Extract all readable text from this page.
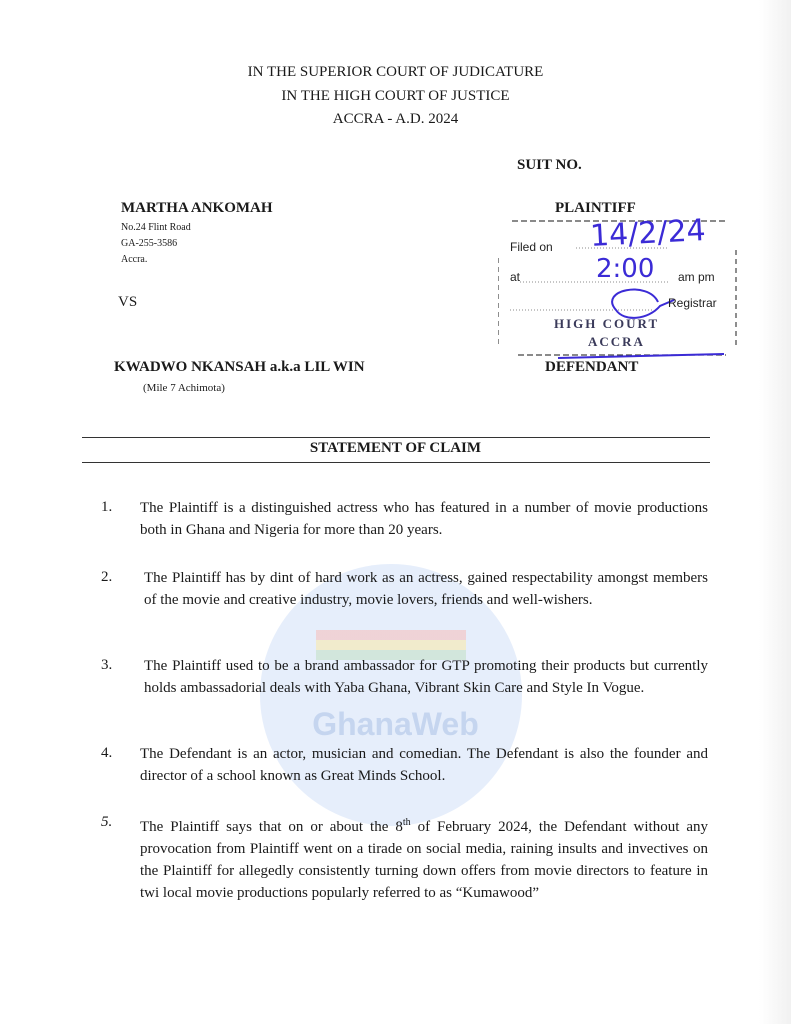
GhanaWeb
IN THE SUPERIOR COURT OF JUDICATURE
IN THE HIGH COURT OF JUSTICE
ACCRA - A.D. 2024
SUIT NO.
MARTHA ANKOMAH
No.24 Flint Road
GA-255-3586
Accra.
PLAINTIFF
VS
KWADWO NKANSAH a.k.a LIL WIN
(Mile 7 Achimota)
DEFENDANT
Filed on 14/2/24
at	2:00 am pm
Registrar
HIGH COURT
ACCRA
STATEMENT OF CLAIM
1. The Plaintiff is a distinguished actress who has featured in a number of movie productions both in Ghana and Nigeria for more than 20 years.
2. The Plaintiff has by dint of hard work as an actress, gained respectability amongst members of the movie and creative industry, movie lovers, friends and well-wishers.
3. The Plaintiff used to be a brand ambassador for GTP promoting their products but currently holds ambassadorial deals with Yaba Ghana, Vibrant Skin Care and Style In Vogue.
4. The Defendant is an actor, musician and comedian. The Defendant is also the founder and director of a school known as Great Minds School.
5. The Plaintiff says that on or about the 8th of February 2024, the Defendant without any provocation from Plaintiff went on a tirade on social media, raining insults and invectives on the Plaintiff for allegedly consistently turning down offers from movie directors to feature in twi local movie productions popularly referred to as “Kumawood”
